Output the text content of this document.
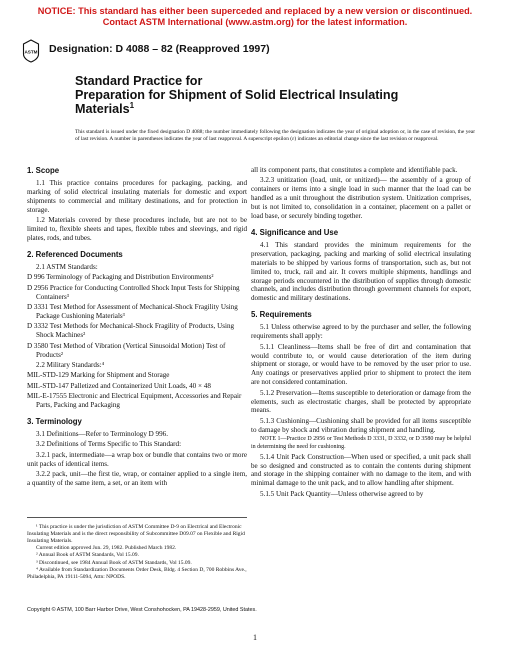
NOTICE: This standard has either been superceded and replaced by a new version or discontinued.
Contact ASTM International (www.astm.org) for the latest information.
ASTM Designation: D 4088 – 82 (Reapproved 1997)
Standard Practice for
Preparation for Shipment of Solid Electrical Insulating
Materials$^1$
This standard is issued under the fixed designation D 4088; the number immediately following the designation indicates the year of original adoption or, in the case of revision, the year of last revision. A number in parentheses indicates the year of last reapproval. A superscript epsilon (ε) indicates an editorial change since the last revision or reapproval.
1. Scope

1.1 This practice contains procedures for packaging, packing, and marking of solid electrical insulating materials for domestic and export shipments to commercial and military destinations, and for protection in storage.

1.2 Materials covered by these procedures include, but are not to be limited to, flexible sheets and tapes, flexible tubes and sleevings, and rigid plates, rods, and tubes.

2. Referenced Documents

2.1 ASTM Standards:

D 996 Terminology of Packaging and Distribution Environments²

D 2956 Practice for Conducting Controlled Shock Input Tests for Shipping Containers³

D 3331 Test Method for Assessment of Mechanical-Shock Fragility Using Package Cushioning Materials³

D 3332 Test Methods for Mechanical-Shock Fragility of Products, Using Shock Machines²

D 3580 Test Method of Vibration (Vertical Sinusoidal Motion) Test of Products²

2.2 Military Standards:⁴

MIL-STD-129 Marking for Shipment and Storage

MIL-STD-147 Palletized and Containerized Unit Loads, 40 × 48

MIL-E-17555 Electronic and Electrical Equipment, Accessories and Repair Parts, Packing and Packaging

3. Terminology

3.1 Definitions—Refer to Terminology D 996.

3.2 Definitions of Terms Specific to This Standard:

3.2.1 pack, intermediate—a wrap box or bundle that contains two or more unit packs of identical items.

3.2.2 pack, unit—the first tie, wrap, or container applied to a single item, a quantity of the same item, a set, or an item with

¹ This practice is under the jurisdiction of ASTM Committee D-9 on Electrical and Electronic Insulating Materials and is the direct responsibility of Subcommittee D09.07 on Flexible and Rigid Insulating Materials.

Current edition approved Jun. 29, 1982. Published March 1982.

² Annual Book of ASTM Standards, Vol 15.09.

³ Discontinued, see 1984 Annual Book of ASTM Standards, Vol 15.09.

⁴ Available from Standardization Documents Order Desk, Bldg. 4 Section D, 700 Robbins Ave., Philadelphia, PA 19111-5094, Attn: NPODS.

all its component parts, that constitutes a complete and identifiable pack.

3.2.3 unitization (load, unit, or unitized)— the assembly of a group of containers or items into a single load in such manner that the load can be handled as a unit throughout the distribution system. Unitization comprises, but is not limited to, consolidation in a container, placement on a pallet or load base, or securely binding together.

4. Significance and Use

4.1 This standard provides the minimum requirements for the preservation, packaging, packing and marking of solid electrical insulating materials to be shipped by various forms of transportation, such as, but not limited to, truck, rail and air. It covers multiple shipments, handlings and storage periods encountered in the distribution of supplies through domestic channels, and includes distribution through government channels for export, domestic and military destinations.

5. Requirements

5.1 Unless otherwise agreed to by the purchaser and seller, the following requirements shall apply:

5.1.1 Cleanliness—Items shall be free of dirt and contamination that would contribute to, or would cause deterioration of the item during shipment or storage, or would have to be removed by the user prior to use. Any coatings or preservatives applied prior to shipment to protect the item are not considered contamination.

5.1.2 Preservation—Items susceptible to deterioration or damage from the elements, such as electrostatic charges, shall be protected by appropriate means.

5.1.3 Cushioning—Cushioning shall be provided for all items susceptible to damage by shock and vibration during shipment and handling.

NOTE 1—Practice D 2956 or Test Methods D 3331, D 3332, or D 3580 may be helpful in determining the need for cushioning.

5.1.4 Unit Pack Construction—When used or specified, a unit pack shall be so designed and constructed as to contain the contents during shipment and storage in the shipping container with no damage to the item, and with minimal damage to the unit pack, and to allow handling after shipment.

5.1.5 Unit Pack Quantity—Unless otherwise agreed to by

Copyright © ASTM, 100 Barr Harbor Drive, West Conshohocken, PA 19428-2959, United States.
1
